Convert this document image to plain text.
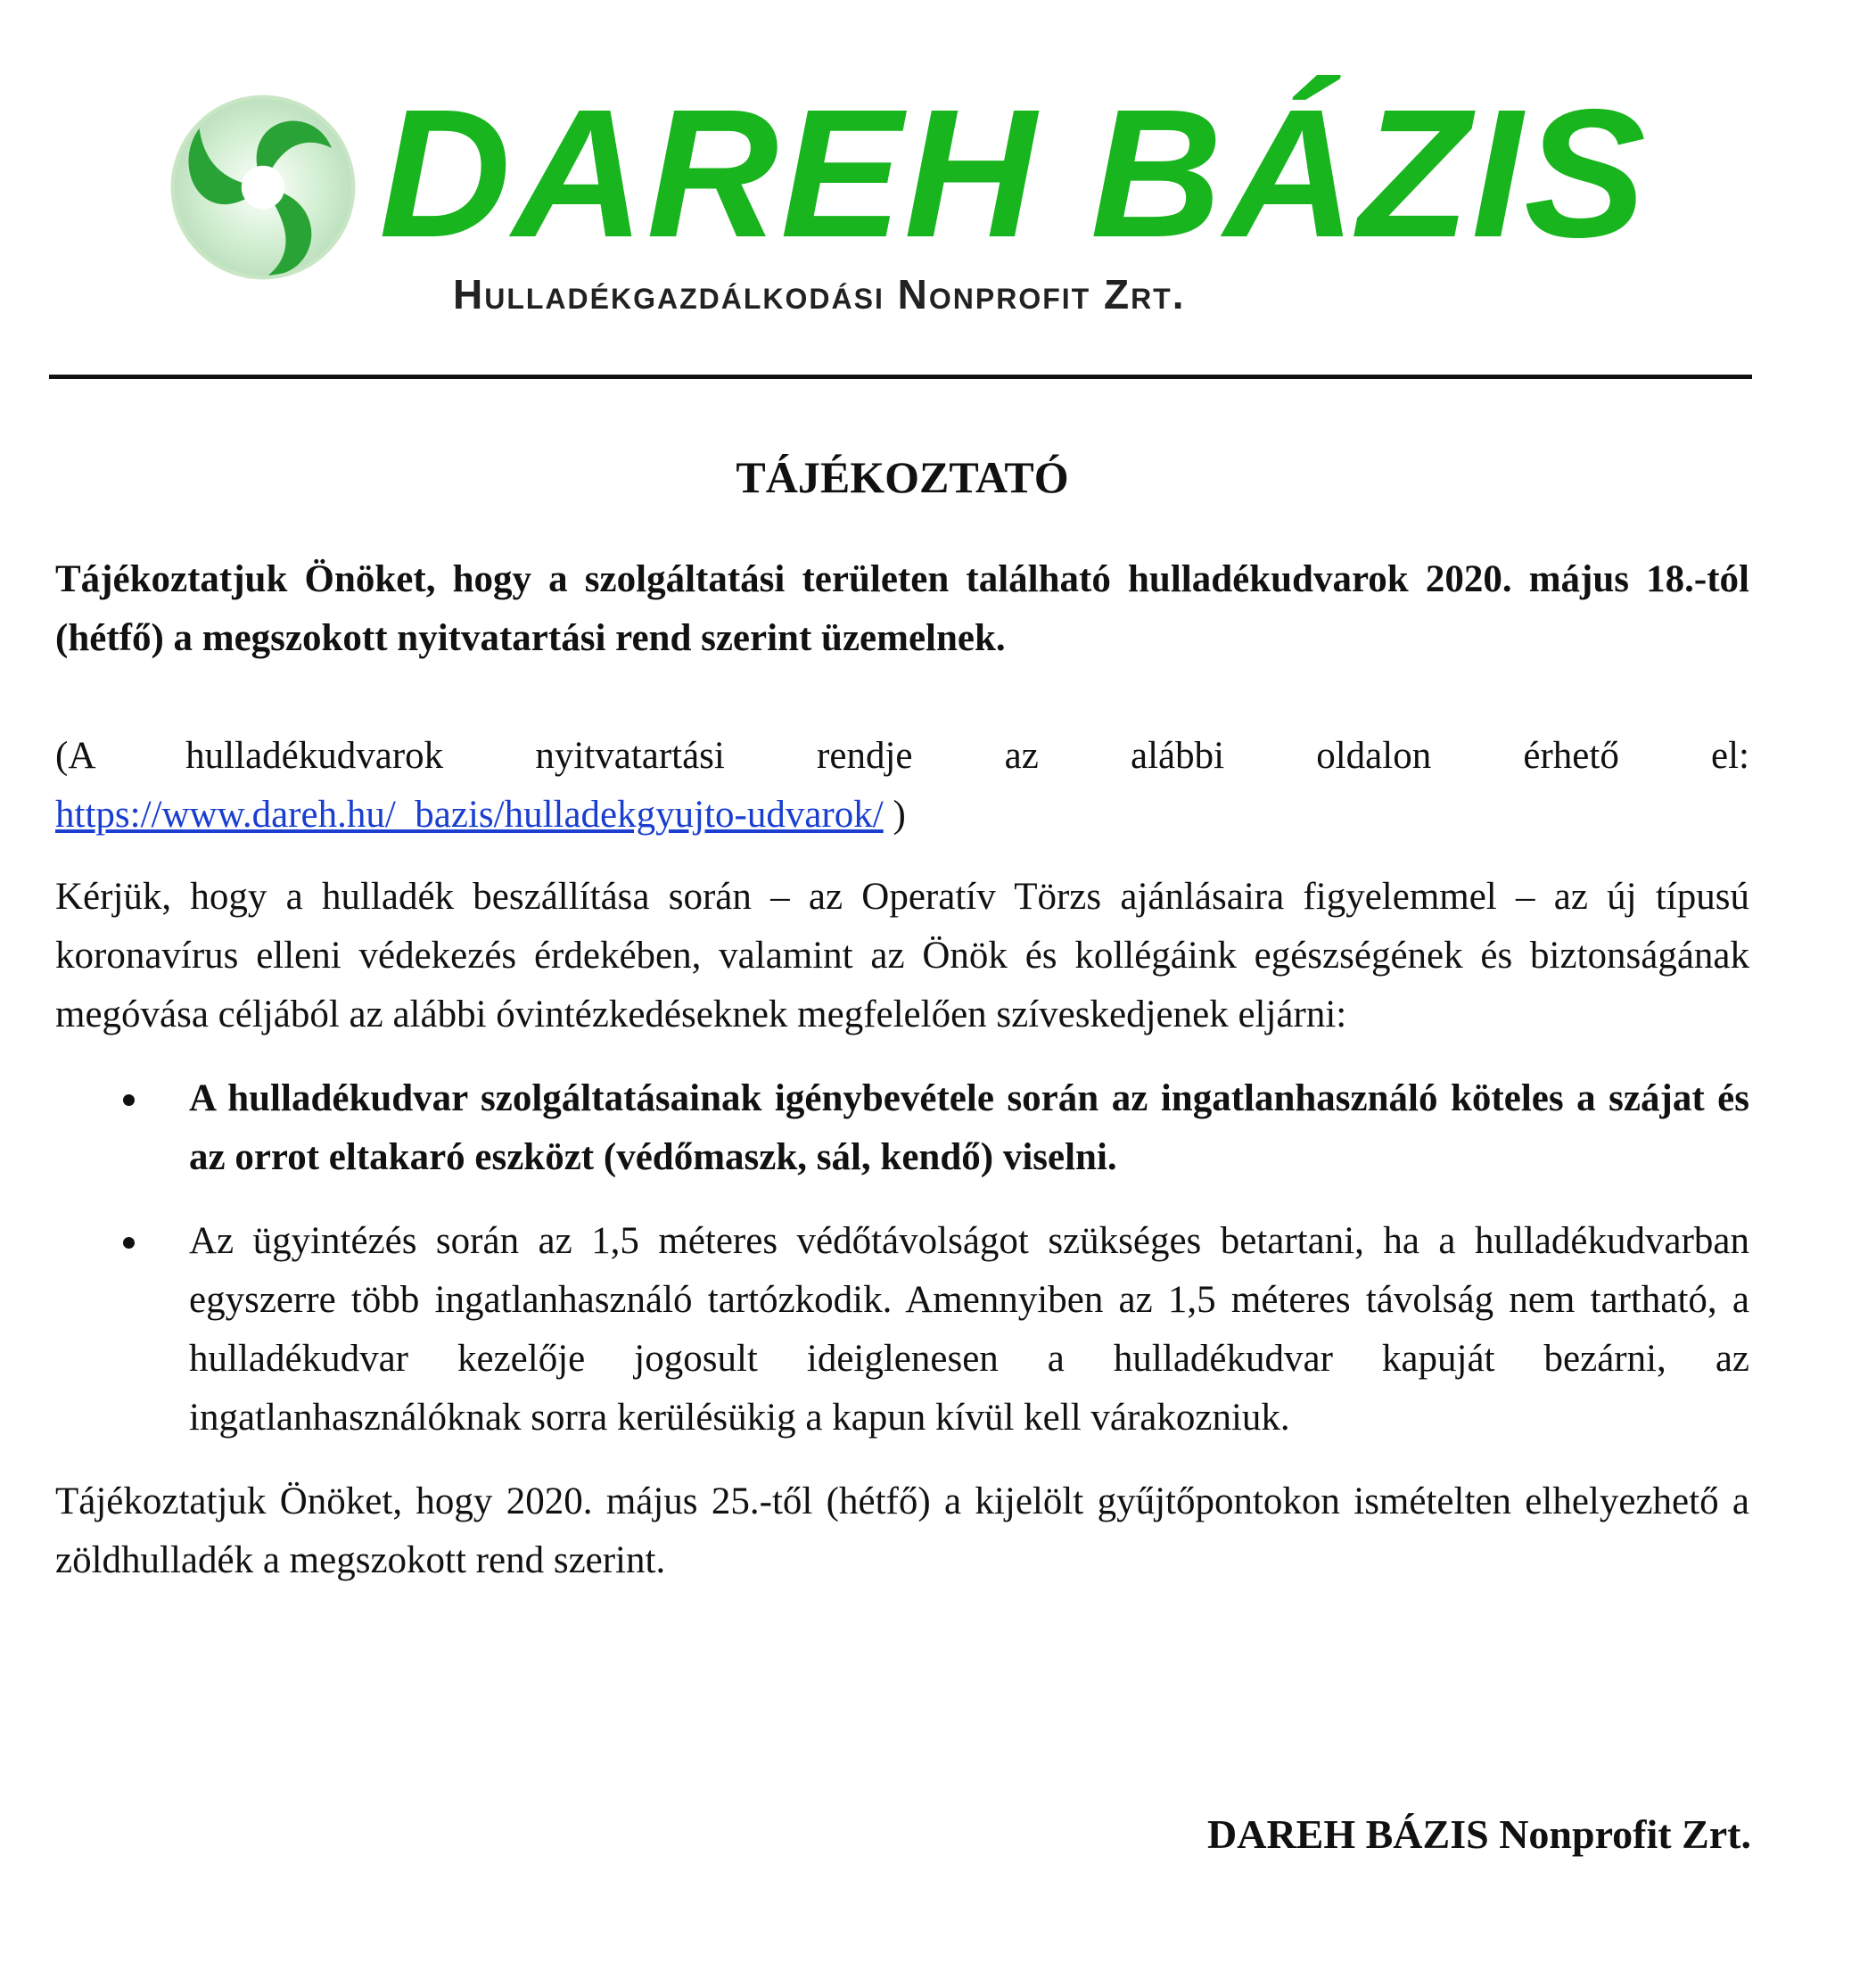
DAREH BÁZIS
Hulladékgazdálkodási Nonprofit Zrt.
TÁJÉKOZTATÓ

Tájékoztatjuk Önöket, hogy a szolgáltatási területen található hulladékudvarok 2020. május 18.-tól (hétfő) a megszokott nyitvatartási rend szerint üzemelnek.

(A hulladékudvarok nyitvatartási rendje az alábbi oldalon érhető el: https://www.dareh.hu/_bazis/hulladekgyujto-udvarok/ )

Kérjük, hogy a hulladék beszállítása során – az Operatív Törzs ajánlásaira figyelemmel – az új típusú koronavírus elleni védekezés érdekében, valamint az Önök és kollégáink egészségének és biztonságának megóvása céljából az alábbi óvintézkedéseknek megfelelően szíveskedjenek eljárni:

A hulladékudvar szolgáltatásainak igénybevétele során az ingatlanhasználó köteles a szájat és az orrot eltakaró eszközt (védőmaszk, sál, kendő) viselni.
Az ügyintézés során az 1,5 méteres védőtávolságot szükséges betartani, ha a hulladékudvarban egyszerre több ingatlanhasználó tartózkodik. Amennyiben az 1,5 méteres távolság nem tartható, a hulladékudvar kezelője jogosult ideiglenesen a hulladékudvar kapuját bezárni, az ingatlanhasználóknak sorra kerülésükig a kapun kívül kell várakozniuk.

Tájékoztatjuk Önöket, hogy 2020. május 25.-től (hétfő) a kijelölt gyűjtőpontokon ismételten elhelyezhető a zöldhulladék a megszokott rend szerint.

DAREH BÁZIS Nonprofit Zrt.
